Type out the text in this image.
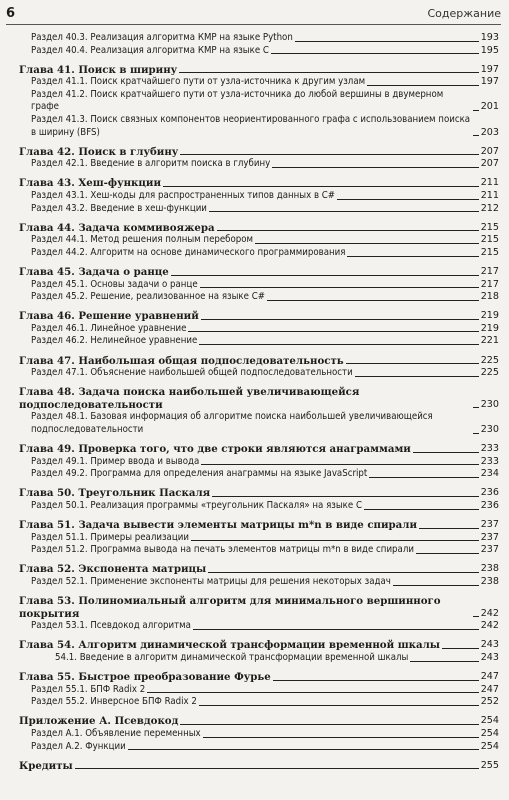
6	Содержание
Раздел 40.3. Реализация алгоритма КМР на языке Python	193
Раздел 40.4. Реализация алгоритма КМР на языке С	195
Глава 41. Поиск в ширину	197
Раздел 41.1. Поиск кратчайшего пути от узла-источника к другим узлам	197
Раздел 41.2. Поиск кратчайшего пути от узла-источника до любой вершины в двумерном графе	201
Раздел 41.3. Поиск связных компонентов неориентированного графа с использованием поиска в ширину (BFS)	203
Глава 42. Поиск в глубину	207
Раздел 42.1. Введение в алгоритм поиска в глубину	207
Глава 43. Хеш-функции	211
Раздел 43.1. Хеш-коды для распространенных типов данных в C#	211
Раздел 43.2. Введение в хеш-функции	212
Глава 44. Задача коммивояжера	215
Раздел 44.1. Метод решения полным перебором	215
Раздел 44.2. Алгоритм на основе динамического программирования	215
Глава 45. Задача о ранце	217
Раздел 45.1. Основы задачи о ранце	217
Раздел 45.2. Решение, реализованное на языке C#	218
Глава 46. Решение уравнений	219
Раздел 46.1. Линейное уравнение	219
Раздел 46.2. Нелинейное уравнение	221
Глава 47. Наибольшая общая подпоследовательность	225
Раздел 47.1. Объяснение наибольшей общей подпоследовательности	225
Глава 48. Задача поиска наибольшей увеличивающейся подпоследовательности	230
Раздел 48.1. Базовая информация об алгоритме поиска наибольшей увеличивающейся подпоследовательности	230
Глава 49. Проверка того, что две строки являются анаграммами	233
Раздел 49.1. Пример ввода и вывода	233
Раздел 49.2. Программа для определения анаграммы на языке JavaScript	234
Глава 50. Треугольник Паскаля	236
Раздел 50.1. Реализация программы «треугольник Паскаля» на языке С	236
Глава 51. Задача вывести элементы матрицы m*n в виде спирали	237
Раздел 51.1. Примеры реализации	237
Раздел 51.2. Программа вывода на печать элементов матрицы m*n в виде спирали	237
Глава 52. Экспонента матрицы	238
Раздел 52.1. Применение экспоненты матрицы для решения некоторых задач	238
Глава 53. Полиномиальный алгоритм для минимального вершинного покрытия	242
Раздел 53.1. Псевдокод алгоритма	242
Глава 54. Алгоритм динамической трансформации временной шкалы	243
54.1. Введение в алгоритм динамической трансформации временной шкалы	243
Глава 55. Быстрое преобразование Фурье	247
Раздел 55.1. БПФ Radix 2	247
Раздел 55.2. Инверсное БПФ Radix 2	252
Приложение А. Псевдокод	254
Раздел А.1. Объявление переменных	254
Раздел А.2. Функции	254
Кредиты	255
